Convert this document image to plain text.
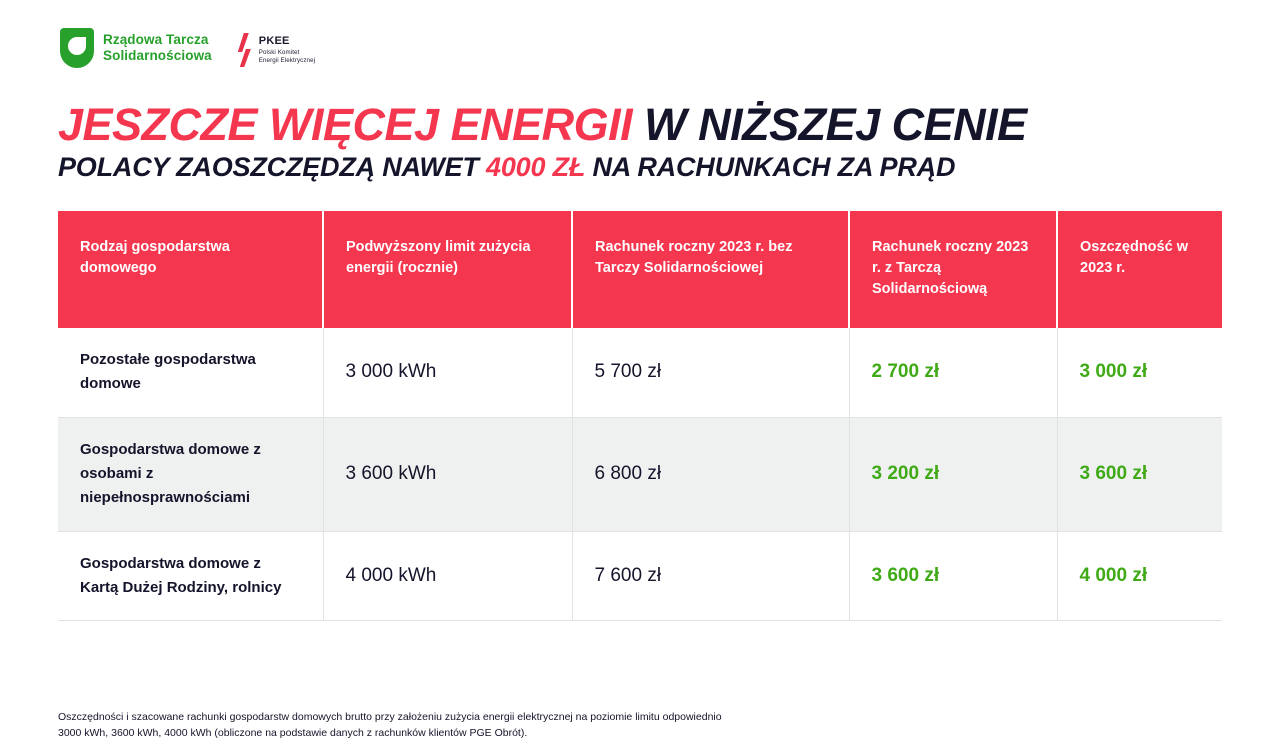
Rządowa Tarcza
Solidarnościowa
PKEE
Polski Komitet
Energii Elektrycznej
JESZCZE WIĘCEJ ENERGII W NIŻSZEJ CENIE
POLACY ZAOSZCZĘDZĄ NAWET 4000 ZŁ NA RACHUNKACH ZA PRĄD
Rodzaj gospodarstwa domowego	Podwyższony limit zużycia energii (rocznie)	Rachunek roczny 2023 r. bez Tarczy Solidarnościowej	Rachunek roczny 2023 r. z Tarczą Solidarnościową	Oszczędność w 2023 r.
Pozostałe gospodarstwa domowe	3 000 kWh	5 700 zł	2 700 zł	3 000 zł
Gospodarstwa domowe z osobami z niepełnosprawnościami	3 600 kWh	6 800 zł	3 200 zł	3 600 zł
Gospodarstwa domowe z Kartą Dużej Rodziny, rolnicy	4 000 kWh	7 600 zł	3 600 zł	4 000 zł
Oszczędności i szacowane rachunki gospodarstw domowych brutto przy założeniu zużycia energii elektrycznej na poziomie limitu odpowiednio
3000 kWh, 3600 kWh, 4000 kWh (obliczone na podstawie danych z rachunków klientów PGE Obrót).
